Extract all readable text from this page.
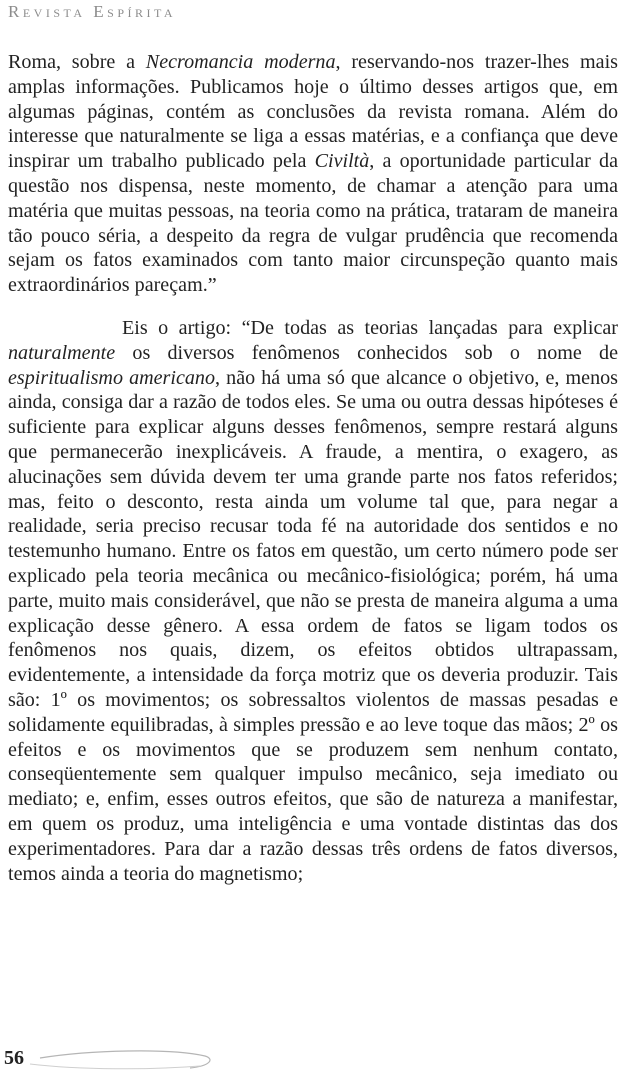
Revista Espírita

Roma, sobre a Necromancia moderna, reservando-nos trazer-lhes mais amplas informações. Publicamos hoje o último desses artigos que, em algumas páginas, contém as conclusões da revista romana. Além do interesse que naturalmente se liga a essas matérias, e a confiança que deve inspirar um trabalho publicado pela Civiltà, a oportunidade particular da questão nos dispensa, neste momento, de chamar a atenção para uma matéria que muitas pessoas, na teoria como na prática, trataram de maneira tão pouco séria, a despeito da regra de vulgar prudência que recomenda sejam os fatos examinados com tanto maior circunspeção quanto mais extraordinários pareçam.”

Eis o artigo: “De todas as teorias lançadas para explicar naturalmente os diversos fenômenos conhecidos sob o nome de espiritualismo americano, não há uma só que alcance o objetivo, e, menos ainda, consiga dar a razão de todos eles. Se uma ou outra dessas hipóteses é suficiente para explicar alguns desses fenômenos, sempre restará alguns que permanecerão inexplicáveis. A fraude, a mentira, o exagero, as alucinações sem dúvida devem ter uma grande parte nos fatos referidos; mas, feito o desconto, resta ainda um volume tal que, para negar a realidade, seria preciso recusar toda fé na autoridade dos sentidos e no testemunho humano. Entre os fatos em questão, um certo número pode ser explicado pela teoria mecânica ou mecânico-fisiológica; porém, há uma parte, muito mais considerável, que não se presta de maneira alguma a uma explicação desse gênero. A essa ordem de fatos se ligam todos os fenômenos nos quais, dizem, os efeitos obtidos ultrapassam, evidentemente, a intensidade da força motriz que os deveria produzir. Tais são: 1º os movimentos; os sobressaltos violentos de massas pesadas e solidamente equilibradas, à simples pressão e ao leve toque das mãos; 2º os efeitos e os movimentos que se produzem sem nenhum contato, conseqüentemente sem qualquer impulso mecânico, seja imediato ou mediato; e, enfim, esses outros efeitos, que são de natureza a manifestar, em quem os produz, uma inteligência e uma vontade distintas das dos experimentadores. Para dar a razão dessas três ordens de fatos diversos, temos ainda a teoria do magnetismo;

56
